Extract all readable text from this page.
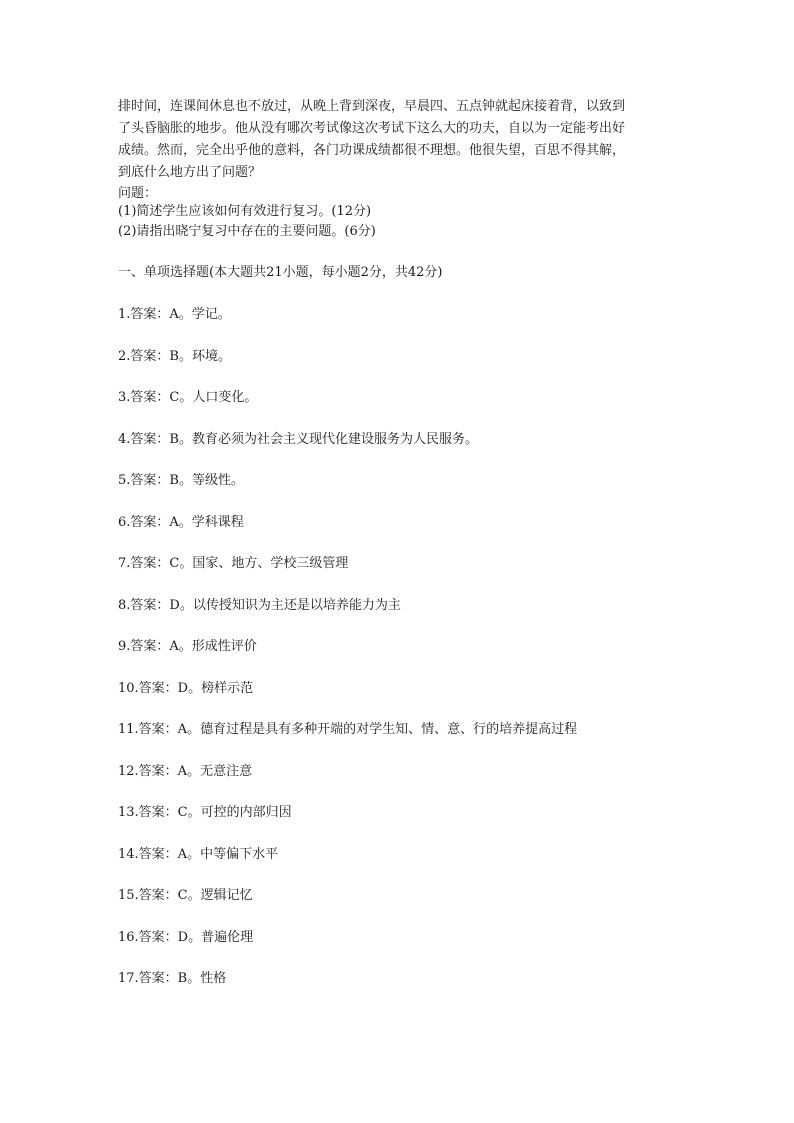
排时间，连课间休息也不放过，从晚上背到深夜，早晨四、五点钟就起床接着背，以致到
了头昏脑胀的地步。他从没有哪次考试像这次考试下这么大的功夫，自以为一定能考出好
成绩。然而，完全出乎他的意料，各门功课成绩都很不理想。他很失望，百思不得其解，
到底什么地方出了问题？
问题：
(1)简述学生应该如何有效进行复习。(12分)
(2)请指出晓宁复习中存在的主要问题。(6分)
一、单项选择题(本大题共21小题，每小题2分，共42分)
1.答案：A。学记。
2.答案：B。环境。
3.答案：C。人口变化。
4.答案：B。教育必须为社会主义现代化建设服务为人民服务。
5.答案：B。等级性。
6.答案：A。学科课程
7.答案：C。国家、地方、学校三级管理
8.答案：D。以传授知识为主还是以培养能力为主
9.答案：A。形成性评价
10.答案：D。榜样示范
11.答案：A。德育过程是具有多种开端的对学生知、情、意、行的培养提高过程
12.答案：A。无意注意
13.答案：C。可控的内部归因
14.答案：A。中等偏下水平
15.答案：C。逻辑记忆
16.答案：D。普遍伦理
17.答案：B。性格
